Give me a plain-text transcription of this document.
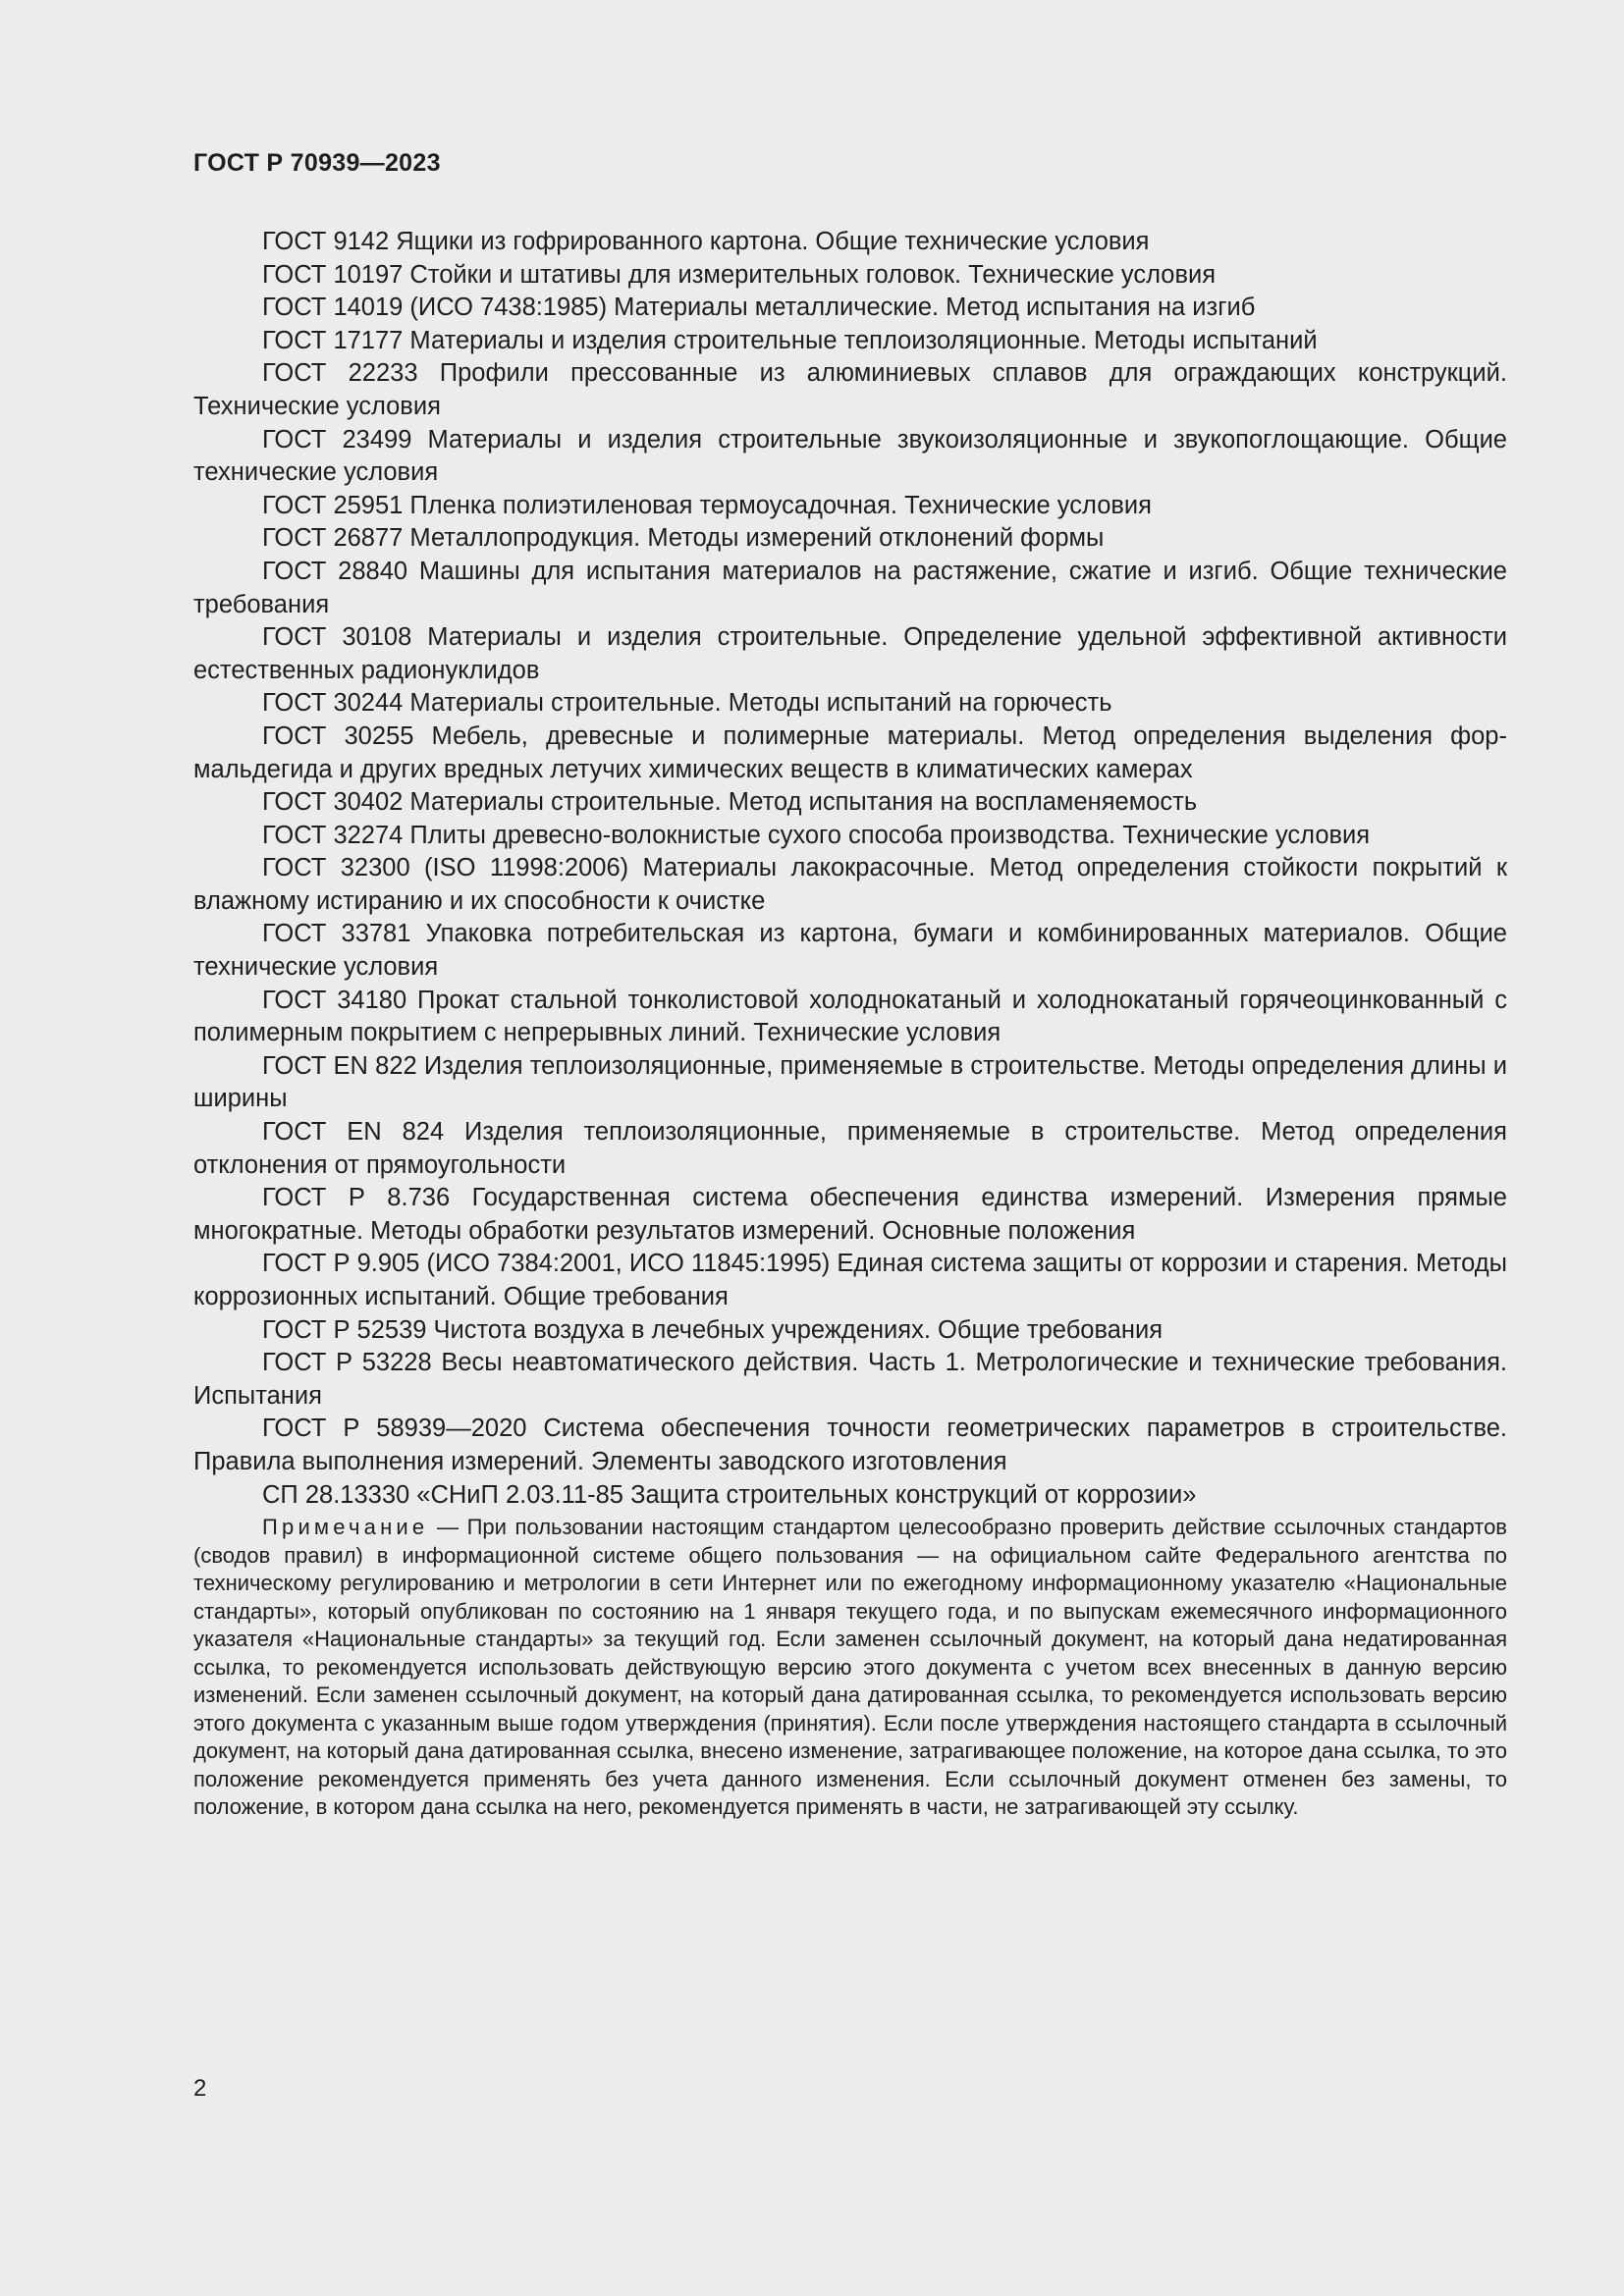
ГОСТ Р 70939—2023
ГОСТ 9142 Ящики из гофрированного картона. Общие технические условия
ГОСТ 10197 Стойки и штативы для измерительных головок. Технические условия
ГОСТ 14019 (ИСО 7438:1985) Материалы металлические. Метод испытания на изгиб
ГОСТ 17177 Материалы и изделия строительные теплоизоляционные. Методы испытаний
ГОСТ 22233 Профили прессованные из алюминиевых сплавов для ограждающих конструкций. Технические условия
ГОСТ 23499 Материалы и изделия строительные звукоизоляционные и звукопоглощающие. Общие технические условия
ГОСТ 25951 Пленка полиэтиленовая термоусадочная. Технические условия
ГОСТ 26877 Металлопродукция. Методы измерений отклонений формы
ГОСТ 28840 Машины для испытания материалов на растяжение, сжатие и изгиб. Общие технические требования
ГОСТ 30108 Материалы и изделия строительные. Определение удельной эффективной активности естественных радионуклидов
ГОСТ 30244 Материалы строительные. Методы испытаний на горючесть
ГОСТ 30255 Мебель, древесные и полимерные материалы. Метод определения выделения формальдегида и других вредных летучих химических веществ в климатических камерах
ГОСТ 30402 Материалы строительные. Метод испытания на воспламеняемость
ГОСТ 32274 Плиты древесно-волокнистые сухого способа производства. Технические условия
ГОСТ 32300 (ISO 11998:2006) Материалы лакокрасочные. Метод определения стойкости покрытий к влажному истиранию и их способности к очистке
ГОСТ 33781 Упаковка потребительская из картона, бумаги и комбинированных материалов. Общие технические условия
ГОСТ 34180 Прокат стальной тонколистовой холоднокатаный и холоднокатаный горячеоцинкованный с полимерным покрытием с непрерывных линий. Технические условия
ГОСТ EN 822 Изделия теплоизоляционные, применяемые в строительстве. Методы определения длины и ширины
ГОСТ EN 824 Изделия теплоизоляционные, применяемые в строительстве. Метод определения отклонения от прямоугольности
ГОСТ Р 8.736 Государственная система обеспечения единства измерений. Измерения прямые многократные. Методы обработки результатов измерений. Основные положения
ГОСТ Р 9.905 (ИСО 7384:2001, ИСО 11845:1995) Единая система защиты от коррозии и старения. Методы коррозионных испытаний. Общие требования
ГОСТ Р 52539 Чистота воздуха в лечебных учреждениях. Общие требования
ГОСТ Р 53228 Весы неавтоматического действия. Часть 1. Метрологические и технические требования. Испытания
ГОСТ Р 58939—2020 Система обеспечения точности геометрических параметров в строительстве. Правила выполнения измерений. Элементы заводского изготовления
СП 28.13330 «СНиП 2.03.11-85 Защита строительных конструкций от коррозии»

Примечание — При пользовании настоящим стандартом целесообразно проверить действие ссылочных стандартов (сводов правил) в информационной системе общего пользования — на официальном сайте Федерального агентства по техническому регулированию и метрологии в сети Интернет или по ежегодному информационному указателю «Национальные стандарты», который опубликован по состоянию на 1 января текущего года, и по выпускам ежемесячного информационного указателя «Национальные стандарты» за текущий год. Если заменен ссылочный документ, на который дана недатированная ссылка, то рекомендуется использовать действующую версию этого документа с учетом всех внесенных в данную версию изменений. Если заменен ссылочный документ, на который дана датированная ссылка, то рекомендуется использовать версию этого документа с указанным выше годом утверждения (принятия). Если после утверждения настоящего стандарта в ссылочный документ, на который дана датированная ссылка, внесено изменение, затрагивающее положение, на которое дана ссылка, то это положение рекомендуется применять без учета данного изменения. Если ссылочный документ отменен без замены, то положение, в котором дана ссылка на него, рекомендуется применять в части, не затрагивающей эту ссылку.

2
